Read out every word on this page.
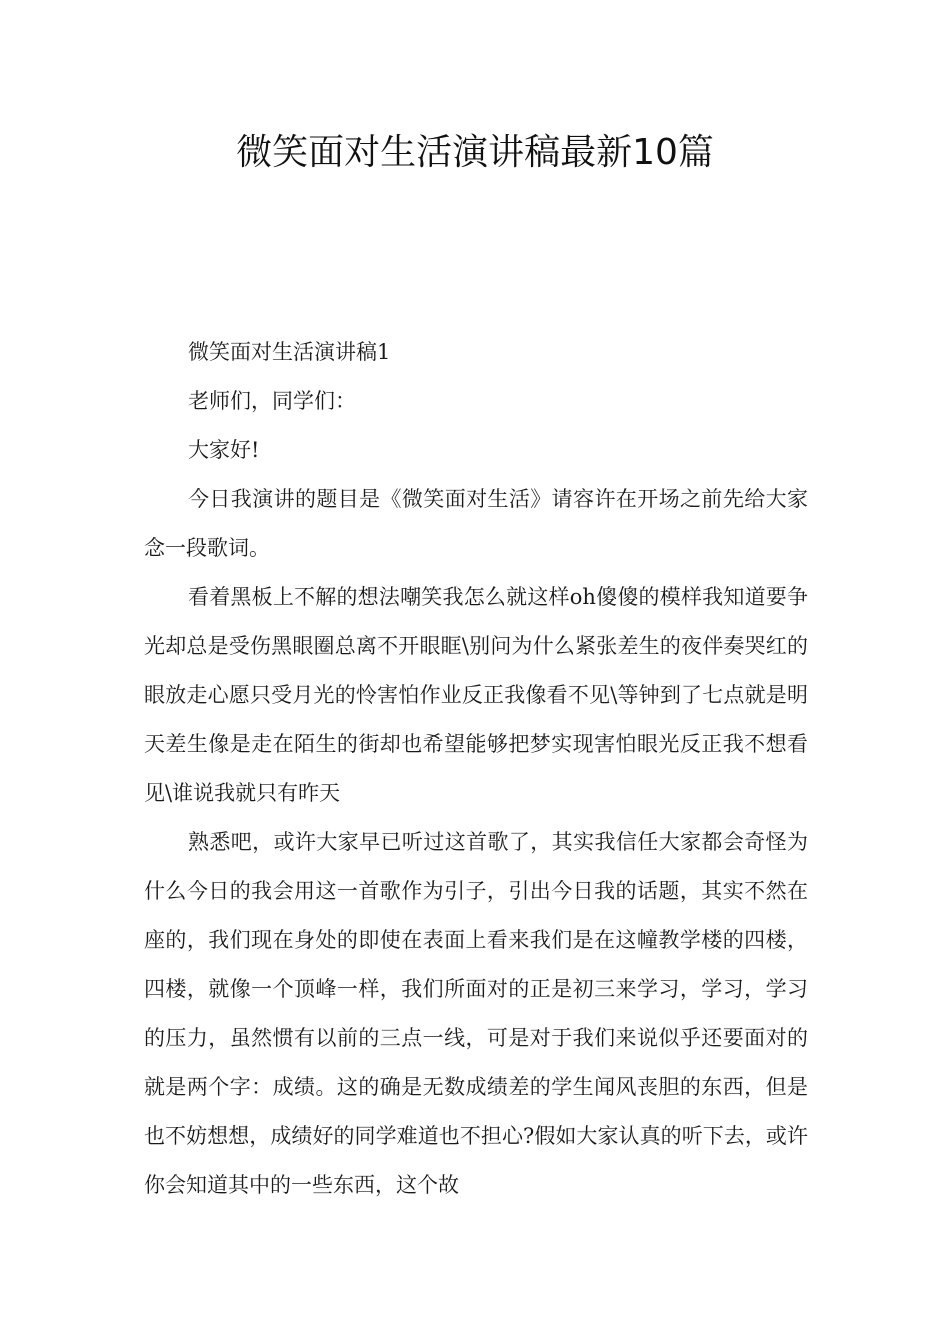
微笑面对生活演讲稿最新10篇

微笑面对生活演讲稿1

老师们，同学们：

大家好!

今日我演讲的题目是《微笑面对生活》请容许在开场之前先给大家念一段歌词。

看着黑板上不解的想法嘲笑我怎么就这样oh傻傻的模样我知道要争光却总是受伤黑眼圈总离不开眼眶\别问为什么紧张差生的夜伴奏哭红的眼放走心愿只受月光的怜害怕作业反正我像看不见\等钟到了七点就是明天差生像是走在陌生的街却也希望能够把梦实现害怕眼光反正我不想看见\谁说我就只有昨天

熟悉吧，或许大家早已听过这首歌了，其实我信任大家都会奇怪为什么今日的我会用这一首歌作为引子，引出今日我的话题，其实不然在座的，我们现在身处的即使在表面上看来我们是在这幢教学楼的四楼，四楼，就像一个顶峰一样，我们所面对的正是初三来学习，学习，学习的压力，虽然惯有以前的三点一线，可是对于我们来说似乎还要面对的就是两个字：成绩。这的确是无数成绩差的学生闻风丧胆的东西，但是也不妨想想，成绩好的同学难道也不担心?假如大家认真的听下去，或许你会知道其中的一些东西，这个故
